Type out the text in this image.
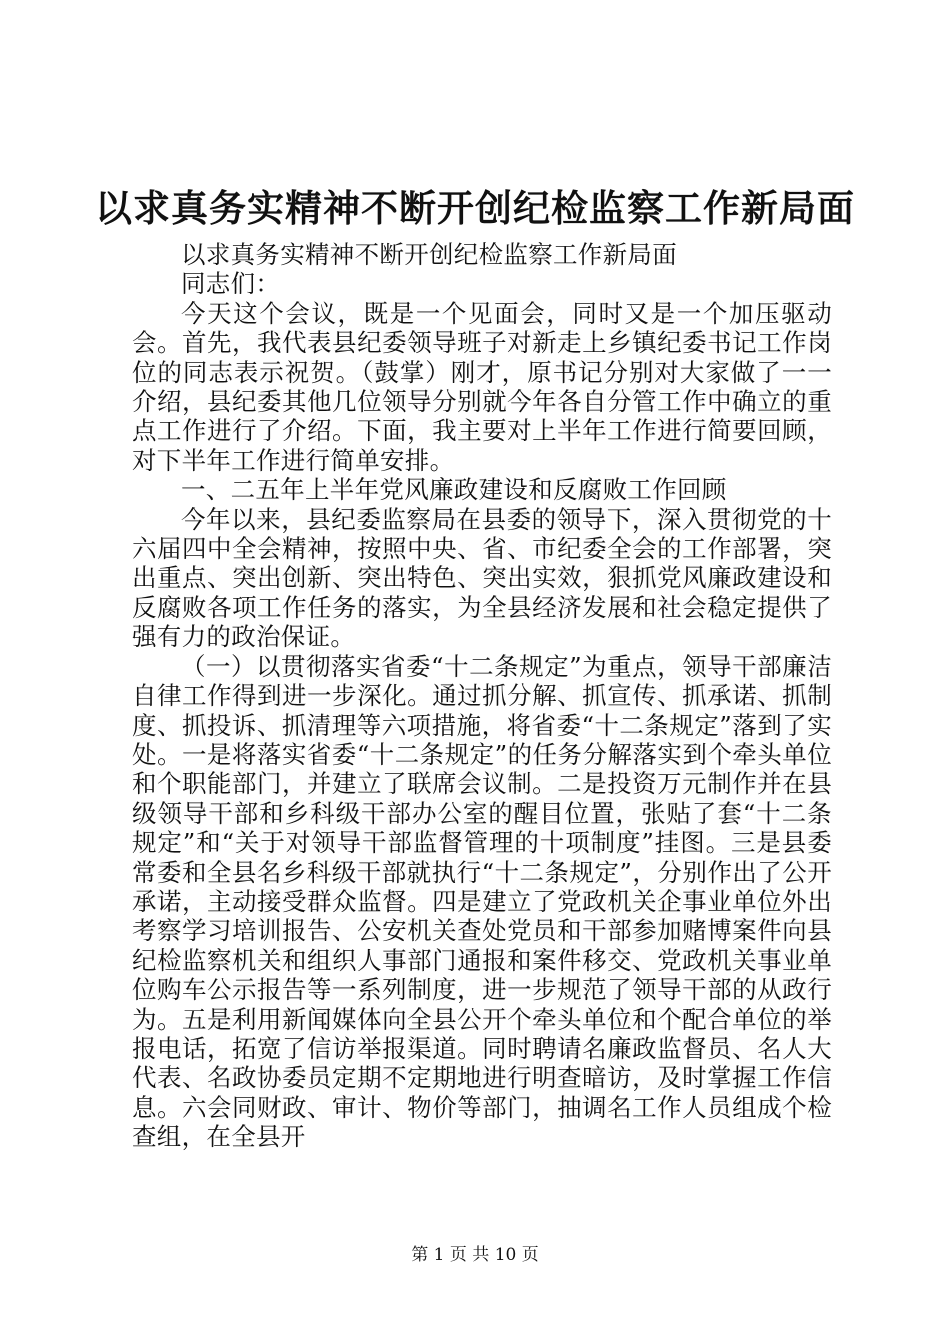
以求真务实精神不断开创纪检监察工作新局面

以求真务实精神不断开创纪检监察工作新局面

同志们：

今天这个会议，既是一个见面会，同时又是一个加压驱动会。首先，我代表县纪委领导班子对新走上乡镇纪委书记工作岗位的同志表示祝贺。（鼓掌）刚才，原书记分别对大家做了一一介绍，县纪委其他几位领导分别就今年各自分管工作中确立的重点工作进行了介绍。下面，我主要对上半年工作进行简要回顾，对下半年工作进行简单安排。

一、二五年上半年党风廉政建设和反腐败工作回顾

今年以来，县纪委监察局在县委的领导下，深入贯彻党的十六届四中全会精神，按照中央、省、市纪委全会的工作部署，突出重点、突出创新、突出特色、突出实效，狠抓党风廉政建设和反腐败各项工作任务的落实，为全县经济发展和社会稳定提供了强有力的政治保证。

（一）以贯彻落实省委“十二条规定”为重点，领导干部廉洁自律工作得到进一步深化。通过抓分解、抓宣传、抓承诺、抓制度、抓投诉、抓清理等六项措施，将省委“十二条规定”落到了实处。一是将落实省委“十二条规定”的任务分解落实到个牵头单位和个职能部门，并建立了联席会议制。二是投资万元制作并在县级领导干部和乡科级干部办公室的醒目位置，张贴了套“十二条规定”和“关于对领导干部监督管理的十项制度”挂图。三是县委常委和全县名乡科级干部就执行“十二条规定”，分别作出了公开承诺，主动接受群众监督。四是建立了党政机关企事业单位外出考察学习培训报告、公安机关查处党员和干部参加赌博案件向县纪检监察机关和组织人事部门通报和案件移交、党政机关事业单位购车公示报告等一系列制度，进一步规范了领导干部的从政行为。五是利用新闻媒体向全县公开个牵头单位和个配合单位的举报电话，拓宽了信访举报渠道。同时聘请名廉政监督员、名人大代表、名政协委员定期不定期地进行明查暗访，及时掌握工作信息。六会同财政、审计、物价等部门，抽调名工作人员组成个检查组，在全县开

第 1 页 共 10 页
